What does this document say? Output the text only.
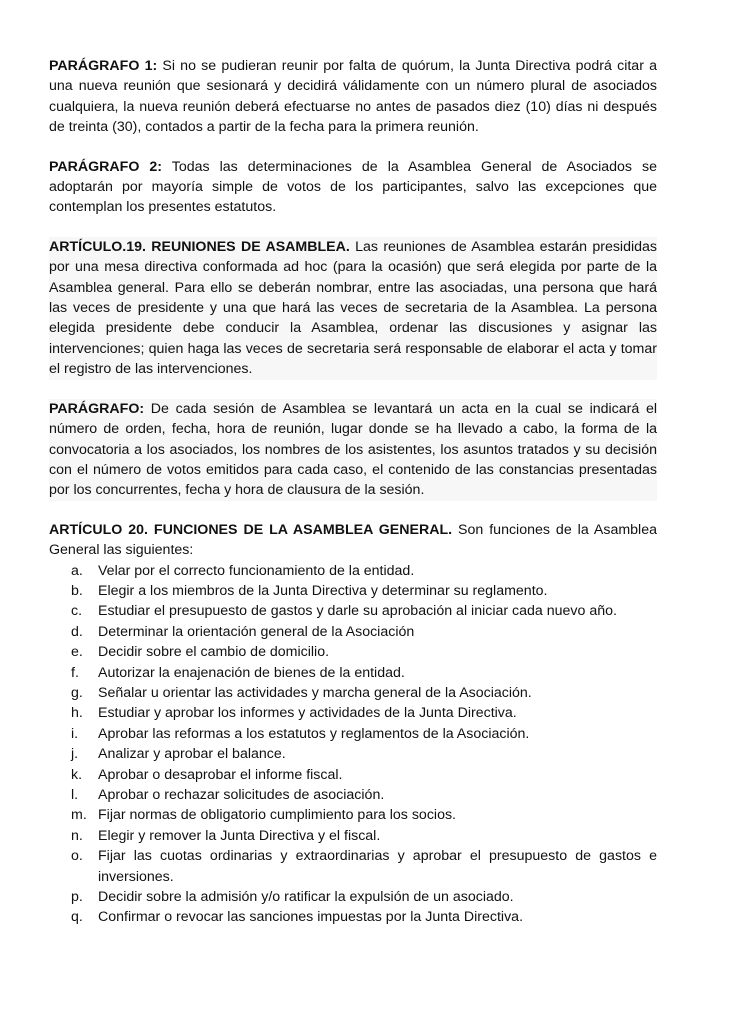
PARÁGRAFO 1: Si no se pudieran reunir por falta de quórum, la Junta Directiva podrá citar a una nueva reunión que sesionará y decidirá válidamente con un número plural de asociados cualquiera, la nueva reunión deberá efectuarse no antes de pasados diez (10) días ni después de treinta (30), contados a partir de la fecha para la primera reunión.

PARÁGRAFO 2: Todas las determinaciones de la Asamblea General de Asociados se adoptarán por mayoría simple de votos de los participantes, salvo las excepciones que contemplan los presentes estatutos.

ARTÍCULO.19. REUNIONES DE ASAMBLEA. Las reuniones de Asamblea estarán presididas por una mesa directiva conformada ad hoc (para la ocasión) que será elegida por parte de la Asamblea general. Para ello se deberán nombrar, entre las asociadas, una persona que hará las veces de presidente y una que hará las veces de secretaria de la Asamblea. La persona elegida presidente debe conducir la Asamblea, ordenar las discusiones y asignar las intervenciones; quien haga las veces de secretaria será responsable de elaborar el acta y tomar el registro de las intervenciones.

PARÁGRAFO: De cada sesión de Asamblea se levantará un acta en la cual se indicará el número de orden, fecha, hora de reunión, lugar donde se ha llevado a cabo, la forma de la convocatoria a los asociados, los nombres de los asistentes, los asuntos tratados y su decisión con el número de votos emitidos para cada caso, el contenido de las constancias presentadas por los concurrentes, fecha y hora de clausura de la sesión.

ARTÍCULO 20. FUNCIONES DE LA ASAMBLEA GENERAL. Son funciones de la Asamblea General las siguientes:

a. Velar por el correcto funcionamiento de la entidad.
b. Elegir a los miembros de la Junta Directiva y determinar su reglamento.
c. Estudiar el presupuesto de gastos y darle su aprobación al iniciar cada nuevo año.
d. Determinar la orientación general de la Asociación
e. Decidir sobre el cambio de domicilio.
f. Autorizar la enajenación de bienes de la entidad.
g. Señalar u orientar las actividades y marcha general de la Asociación.
h. Estudiar y aprobar los informes y actividades de la Junta Directiva.
i. Aprobar las reformas a los estatutos y reglamentos de la Asociación.
j. Analizar y aprobar el balance.
k. Aprobar o desaprobar el informe fiscal.
l. Aprobar o rechazar solicitudes de asociación.
m. Fijar normas de obligatorio cumplimiento para los socios.
n. Elegir y remover la Junta Directiva y el fiscal.
o. Fijar las cuotas ordinarias y extraordinarias y aprobar el presupuesto de gastos e inversiones.
p. Decidir sobre la admisión y/o ratificar la expulsión de un asociado.
q. Confirmar o revocar las sanciones impuestas por la Junta Directiva.
